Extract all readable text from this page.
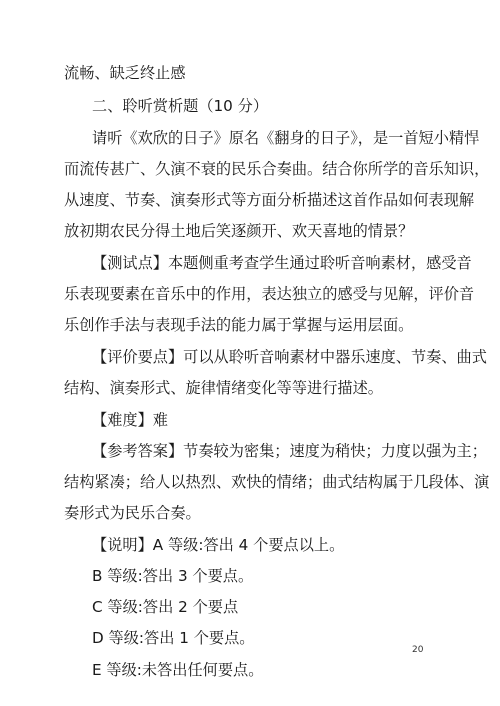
流畅、缺乏终止感
二、聆听赏析题（10 分）
请听《欢欣的日子》原名《翻身的日子》，是一首短小精悍
而流传甚广、久演不衰的民乐合奏曲。结合你所学的音乐知识，
从速度、节奏、演奏形式等方面分析描述这首作品如何表现解
放初期农民分得土地后笑逐颜开、欢天喜地的情景？
【测试点】本题侧重考查学生通过聆听音响素材，感受音
乐表现要素在音乐中的作用，表达独立的感受与见解，评价音
乐创作手法与表现手法的能力属于掌握与运用层面。
【评价要点】可以从聆听音响素材中器乐速度、节奏、曲式
结构、演奏形式、旋律情绪变化等等进行描述。
【难度】难
【参考答案】节奏较为密集；速度为稍快；力度以强为主；
结构紧凑；给人以热烈、欢快的情绪；曲式结构属于几段体、演
奏形式为民乐合奏。
【说明】A 等级:答出 4 个要点以上。
B 等级:答出 3 个要点。
C 等级:答出 2 个要点
D 等级:答出 1 个要点。
E 等级:未答出任何要点。
20
